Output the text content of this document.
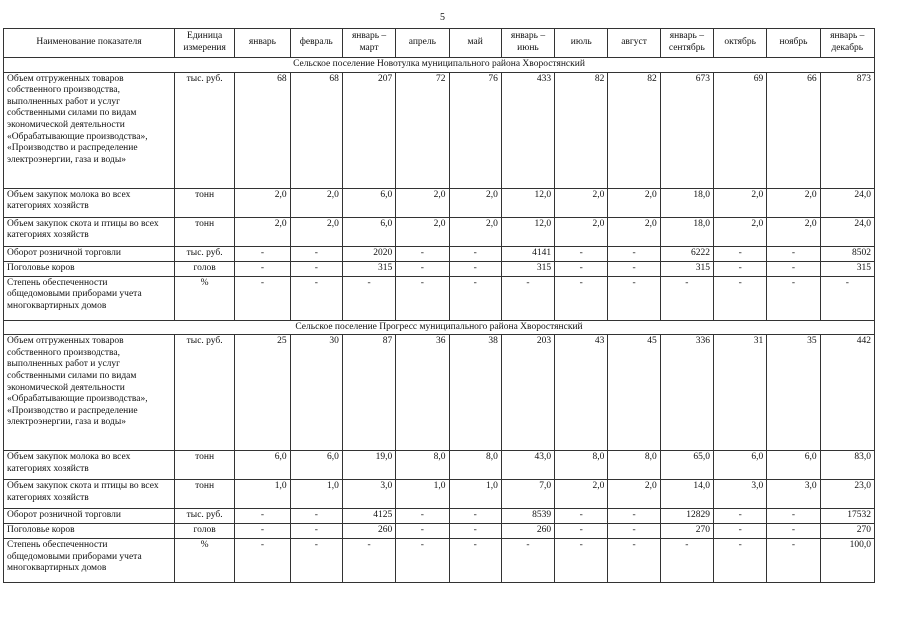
5
Наименование показателя	Единица измерения	январь	февраль	январь – март	апрель	май	январь – июнь	июль	август	январь – сентябрь	октябрь	ноябрь	январь – декабрь
Сельское поселение Новотулка муниципального района Хворостянский													
Объем отгруженных товаров собственного производства, выполненных работ и услуг собственными силами по видам экономической деятельности «Обрабатывающие производства», «Производство и распределение электроэнергии, газа и воды»	тыс. руб.	68	68	207	72	76	433	82	82	673	69	66	873
Объем закупок молока во всех категориях хозяйств	тонн	2,0	2,0	6,0	2,0	2,0	12,0	2,0	2,0	18,0	2,0	2,0	24,0
Объем закупок скота и птицы во всех категориях хозяйств	тонн	2,0	2,0	6,0	2,0	2,0	12,0	2,0	2,0	18,0	2,0	2,0	24,0
Оборот розничной торговли	тыс. руб.	-	-	2020	-	-	4141	-	-	6222	-	-	8502
Поголовье коров	голов	-	-	315	-	-	315	-	-	315	-	-	315
Степень обеспеченности общедомовыми приборами учета многоквартирных домов	%	-	-	-	-	-	-	-	-	-	-	-	-
Сельское поселение Прогресс муниципального района Хворостянский													
Объем отгруженных товаров собственного производства, выполненных работ и услуг собственными силами по видам экономической деятельности «Обрабатывающие производства», «Производство и распределение электроэнергии, газа и воды»	тыс. руб.	25	30	87	36	38	203	43	45	336	31	35	442
Объем закупок молока во всех категориях хозяйств	тонн	6,0	6,0	19,0	8,0	8,0	43,0	8,0	8,0	65,0	6,0	6,0	83,0
Объем закупок скота и птицы во всех категориях хозяйств	тонн	1,0	1,0	3,0	1,0	1,0	7,0	2,0	2,0	14,0	3,0	3,0	23,0
Оборот розничной торговли	тыс. руб.	-	-	4125	-	-	8539	-	-	12829	-	-	17532
Поголовье коров	голов	-	-	260	-	-	260	-	-	270	-	-	270
Степень обеспеченности общедомовыми приборами учета многоквартирных домов	%	-	-	-	-	-	-	-	-	-	-	-	100,0
